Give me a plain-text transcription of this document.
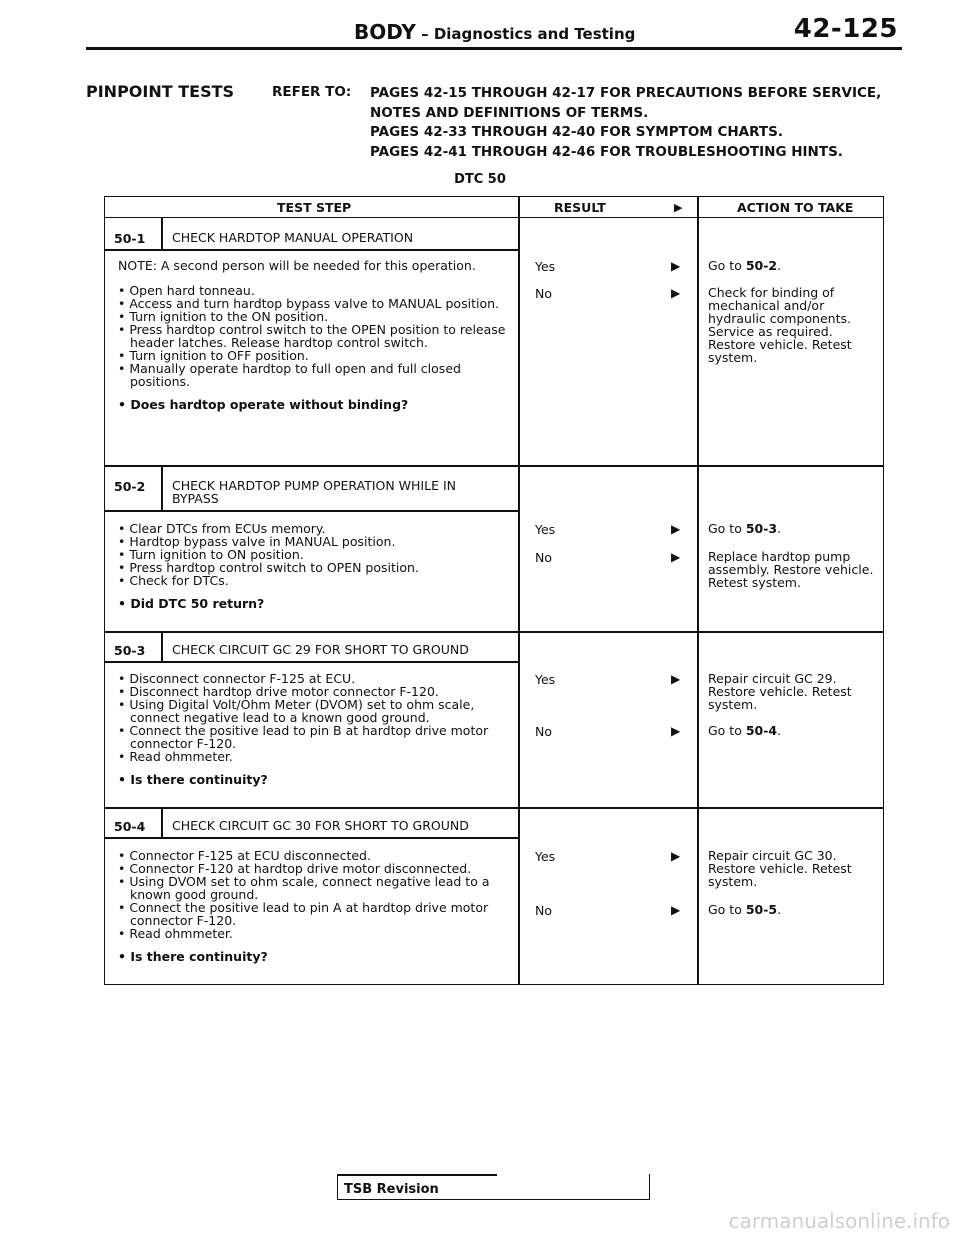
BODY – Diagnostics and Testing	42-125
PINPOINT TESTS	REFER TO: PAGES 42-15 THROUGH 42-17 FOR PRECAUTIONS BEFORE SERVICE,
NOTES AND DEFINITIONS OF TERMS.
PAGES 42-33 THROUGH 42-40 FOR SYMPTOM CHARTS.
PAGES 42-41 THROUGH 42-46 FOR TROUBLESHOOTING HINTS.
DTC 50
TEST STEP	RESULT	▶	ACTION TO TAKE
50-1 CHECK HARDTOP MANUAL OPERATION

NOTE: A second person will be needed for this operation.

• Open hard tonneau.

• Access and turn hardtop bypass valve to MANUAL position.

• Turn ignition to the ON position.

• Press hardtop control switch to the OPEN position to release header latches. Release hardtop control switch.

• Turn ignition to OFF position.

• Manually operate hardtop to full open and full closed positions.

• Does hardtop operate without binding?

Yes	▶ Go to 50-2.
No	▶ Check for binding of mechanical and/or hydraulic components. Service as required. Restore vehicle. Retest system.
50-2 CHECK HARDTOP PUMP OPERATION WHILE IN BYPASS

• Clear DTCs from ECUs memory.

• Hardtop bypass valve in MANUAL position.

• Turn ignition to ON position.

• Press hardtop control switch to OPEN position.

• Check for DTCs.

• Did DTC 50 return?

Yes	▶ Go to 50-3.
No	▶ Replace hardtop pump assembly. Restore vehicle. Retest system.
50-3 CHECK CIRCUIT GC 29 FOR SHORT TO GROUND

• Disconnect connector F-125 at ECU.

• Disconnect hardtop drive motor connector F-120.

• Using Digital Volt/Ohm Meter (DVOM) set to ohm scale, connect negative lead to a known good ground.

• Connect the positive lead to pin B at hardtop drive motor connector F-120.

• Read ohmmeter.

• Is there continuity?

Yes	▶ Repair circuit GC 29. Restore vehicle. Retest system.
No	▶ Go to 50-4.
50-4 CHECK CIRCUIT GC 30 FOR SHORT TO GROUND

• Connector F-125 at ECU disconnected.

• Connector F-120 at hardtop drive motor disconnected.

• Using DVOM set to ohm scale, connect negative lead to a known good ground.

• Connect the positive lead to pin A at hardtop drive motor connector F-120.

• Read ohmmeter.

• Is there continuity?

Yes	▶ Repair circuit GC 30. Restore vehicle. Retest system.
No	▶ Go to 50-5.
TSB Revision
carmanualsonline.info
